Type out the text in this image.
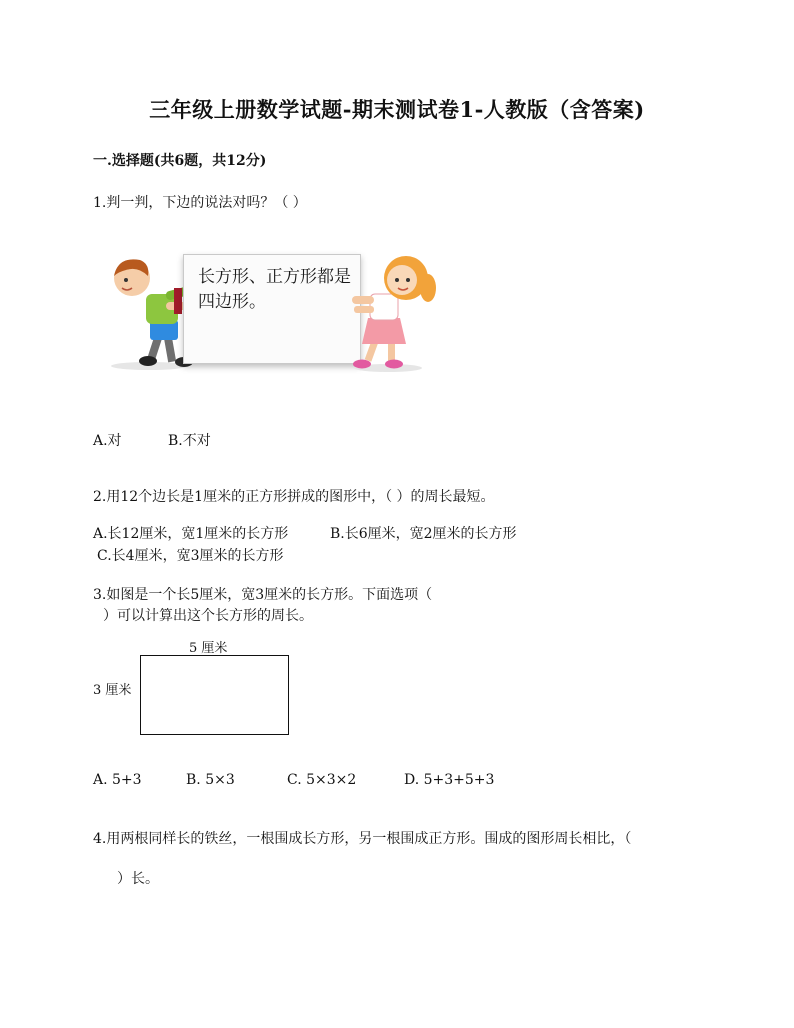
三年级上册数学试题-期末测试卷1-人教版（含答案)
一.选择题(共6题，共12分)
1.判一判，下边的说法对吗？（ ）
长方形、正方形都是四边形。
A.对	B.不对
2.用12个边长是1厘米的正方形拼成的图形中，（ ）的周长最短。
A.长12厘米，宽1厘米的长方形	B.长6厘米，宽2厘米的长方形
C.长4厘米，宽3厘米的长方形
3.如图是一个长5厘米，宽3厘米的长方形。下面选项（
）可以计算出这个长方形的周长。
5 厘米
3 厘米
A. 5+3	B. 5×3	C. 5×3×2	D. 5+3+5+3
4.用两根同样长的铁丝，一根围成长方形，另一根围成正方形。围成的图形周长相比，（
）长。
